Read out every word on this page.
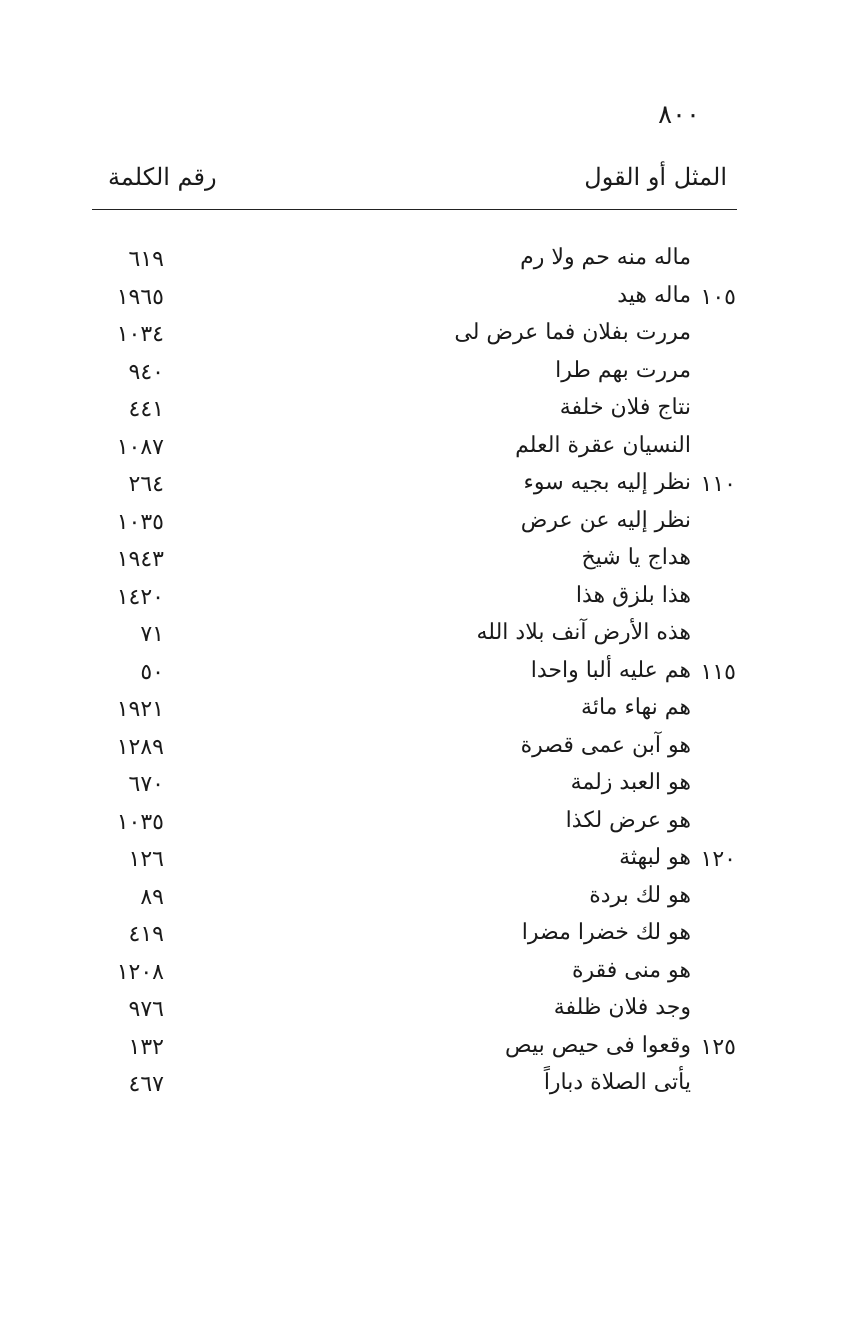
٨٠٠
المثل أو القول
رقم الكلمة
ماله منه حم ولا رم
٦١٩
١٠٥
ماله هيد
١٩٦٥
مررت بفلان فما عرض لى
١٠٣٤
مررت بهم طرا
٩٤٠
نتاج فلان خلفة
٤٤١
النسيان عقرة العلم
١٠٨٧
١١٠
نظر إليه بجيه سوء
٢٦٤
نظر إليه عن عرض
١٠٣٥
هداج يا شيخ
١٩٤٣
هذا بلزق هذا
١٤٢٠
هذه الأرض آنف بلاد الله
٧١
١١٥
هم عليه ألبا واحدا
٥٠
هم نهاء مائة
١٩٢١
هو آبن عمى قصرة
١٢٨٩
هو العبد زلمة
٦٧٠
هو عرض لكذا
١٠٣٥
١٢٠
هو لبهثة
١٢٦
هو لك بردة
٨٩
هو لك خضرا مضرا
٤١٩
هو منى فقرة
١٢٠٨
وجد فلان ظلفة
٩٧٦
١٢٥
وقعوا فى حيص بيص
١٣٢
يأتى الصلاة دباراً
٤٦٧
